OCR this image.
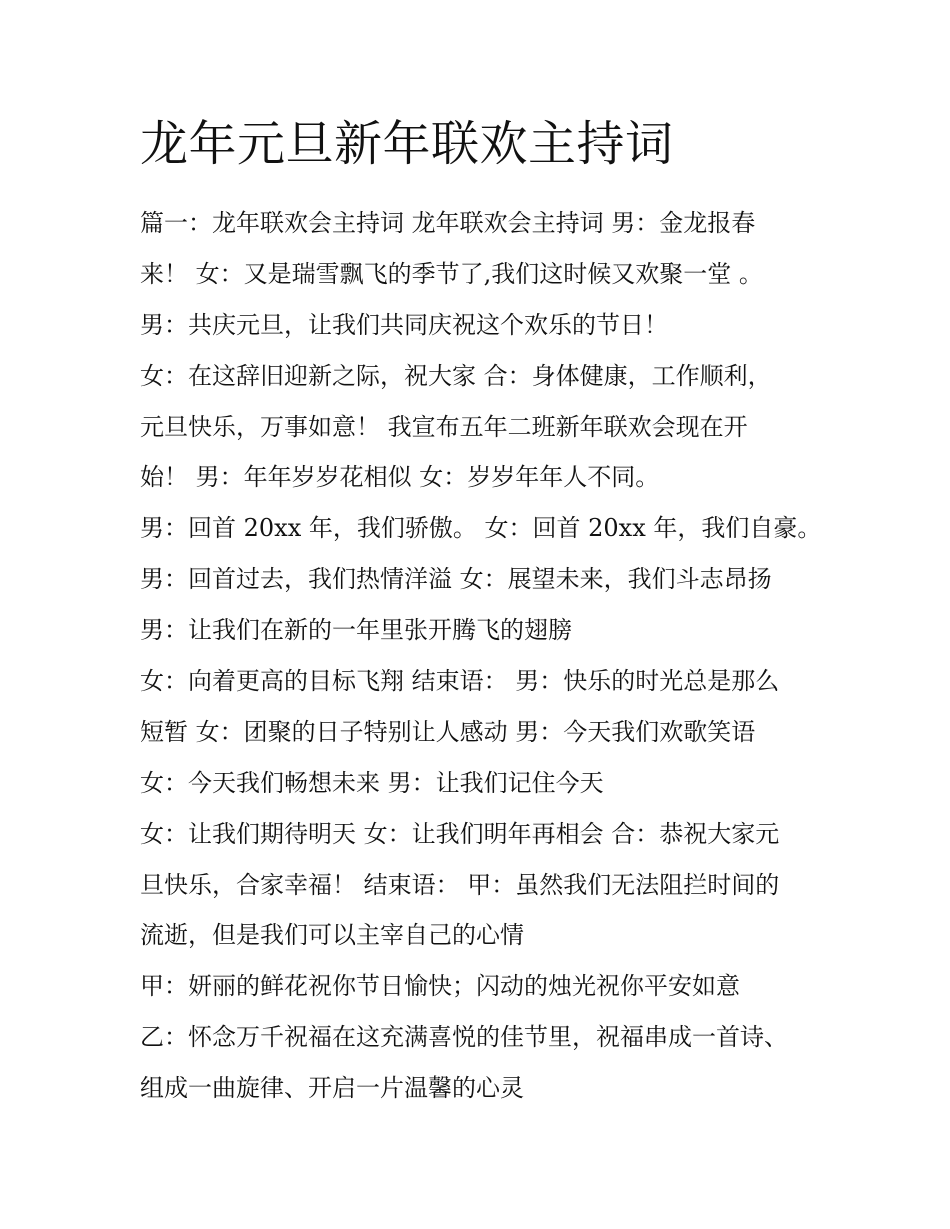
龙年元旦新年联欢主持词
篇一：龙年联欢会主持词 龙年联欢会主持词 男：金龙报春
来！ 女：又是瑞雪飘飞的季节了,我们这时候又欢聚一堂 。
男：共庆元旦，让我们共同庆祝这个欢乐的节日！
女：在这辞旧迎新之际，祝大家 合：身体健康，工作顺利，
元旦快乐，万事如意！ 我宣布五年二班新年联欢会现在开
始！ 男：年年岁岁花相似 女：岁岁年年人不同。
男：回首 20xx 年，我们骄傲。 女：回首 20xx 年，我们自豪。
男：回首过去，我们热情洋溢 女：展望未来，我们斗志昂扬
男：让我们在新的一年里张开腾飞的翅膀
女：向着更高的目标飞翔 结束语： 男：快乐的时光总是那么
短暂 女：团聚的日子特别让人感动 男：今天我们欢歌笑语
女：今天我们畅想未来 男：让我们记住今天
女：让我们期待明天 女：让我们明年再相会 合：恭祝大家元
旦快乐，合家幸福！ 结束语： 甲：虽然我们无法阻拦时间的
流逝，但是我们可以主宰自己的心情
甲：妍丽的鲜花祝你节日愉快；闪动的烛光祝你平安如意
乙：怀念万千祝福在这充满喜悦的佳节里，祝福串成一首诗、
组成一曲旋律、开启一片温馨的心灵
